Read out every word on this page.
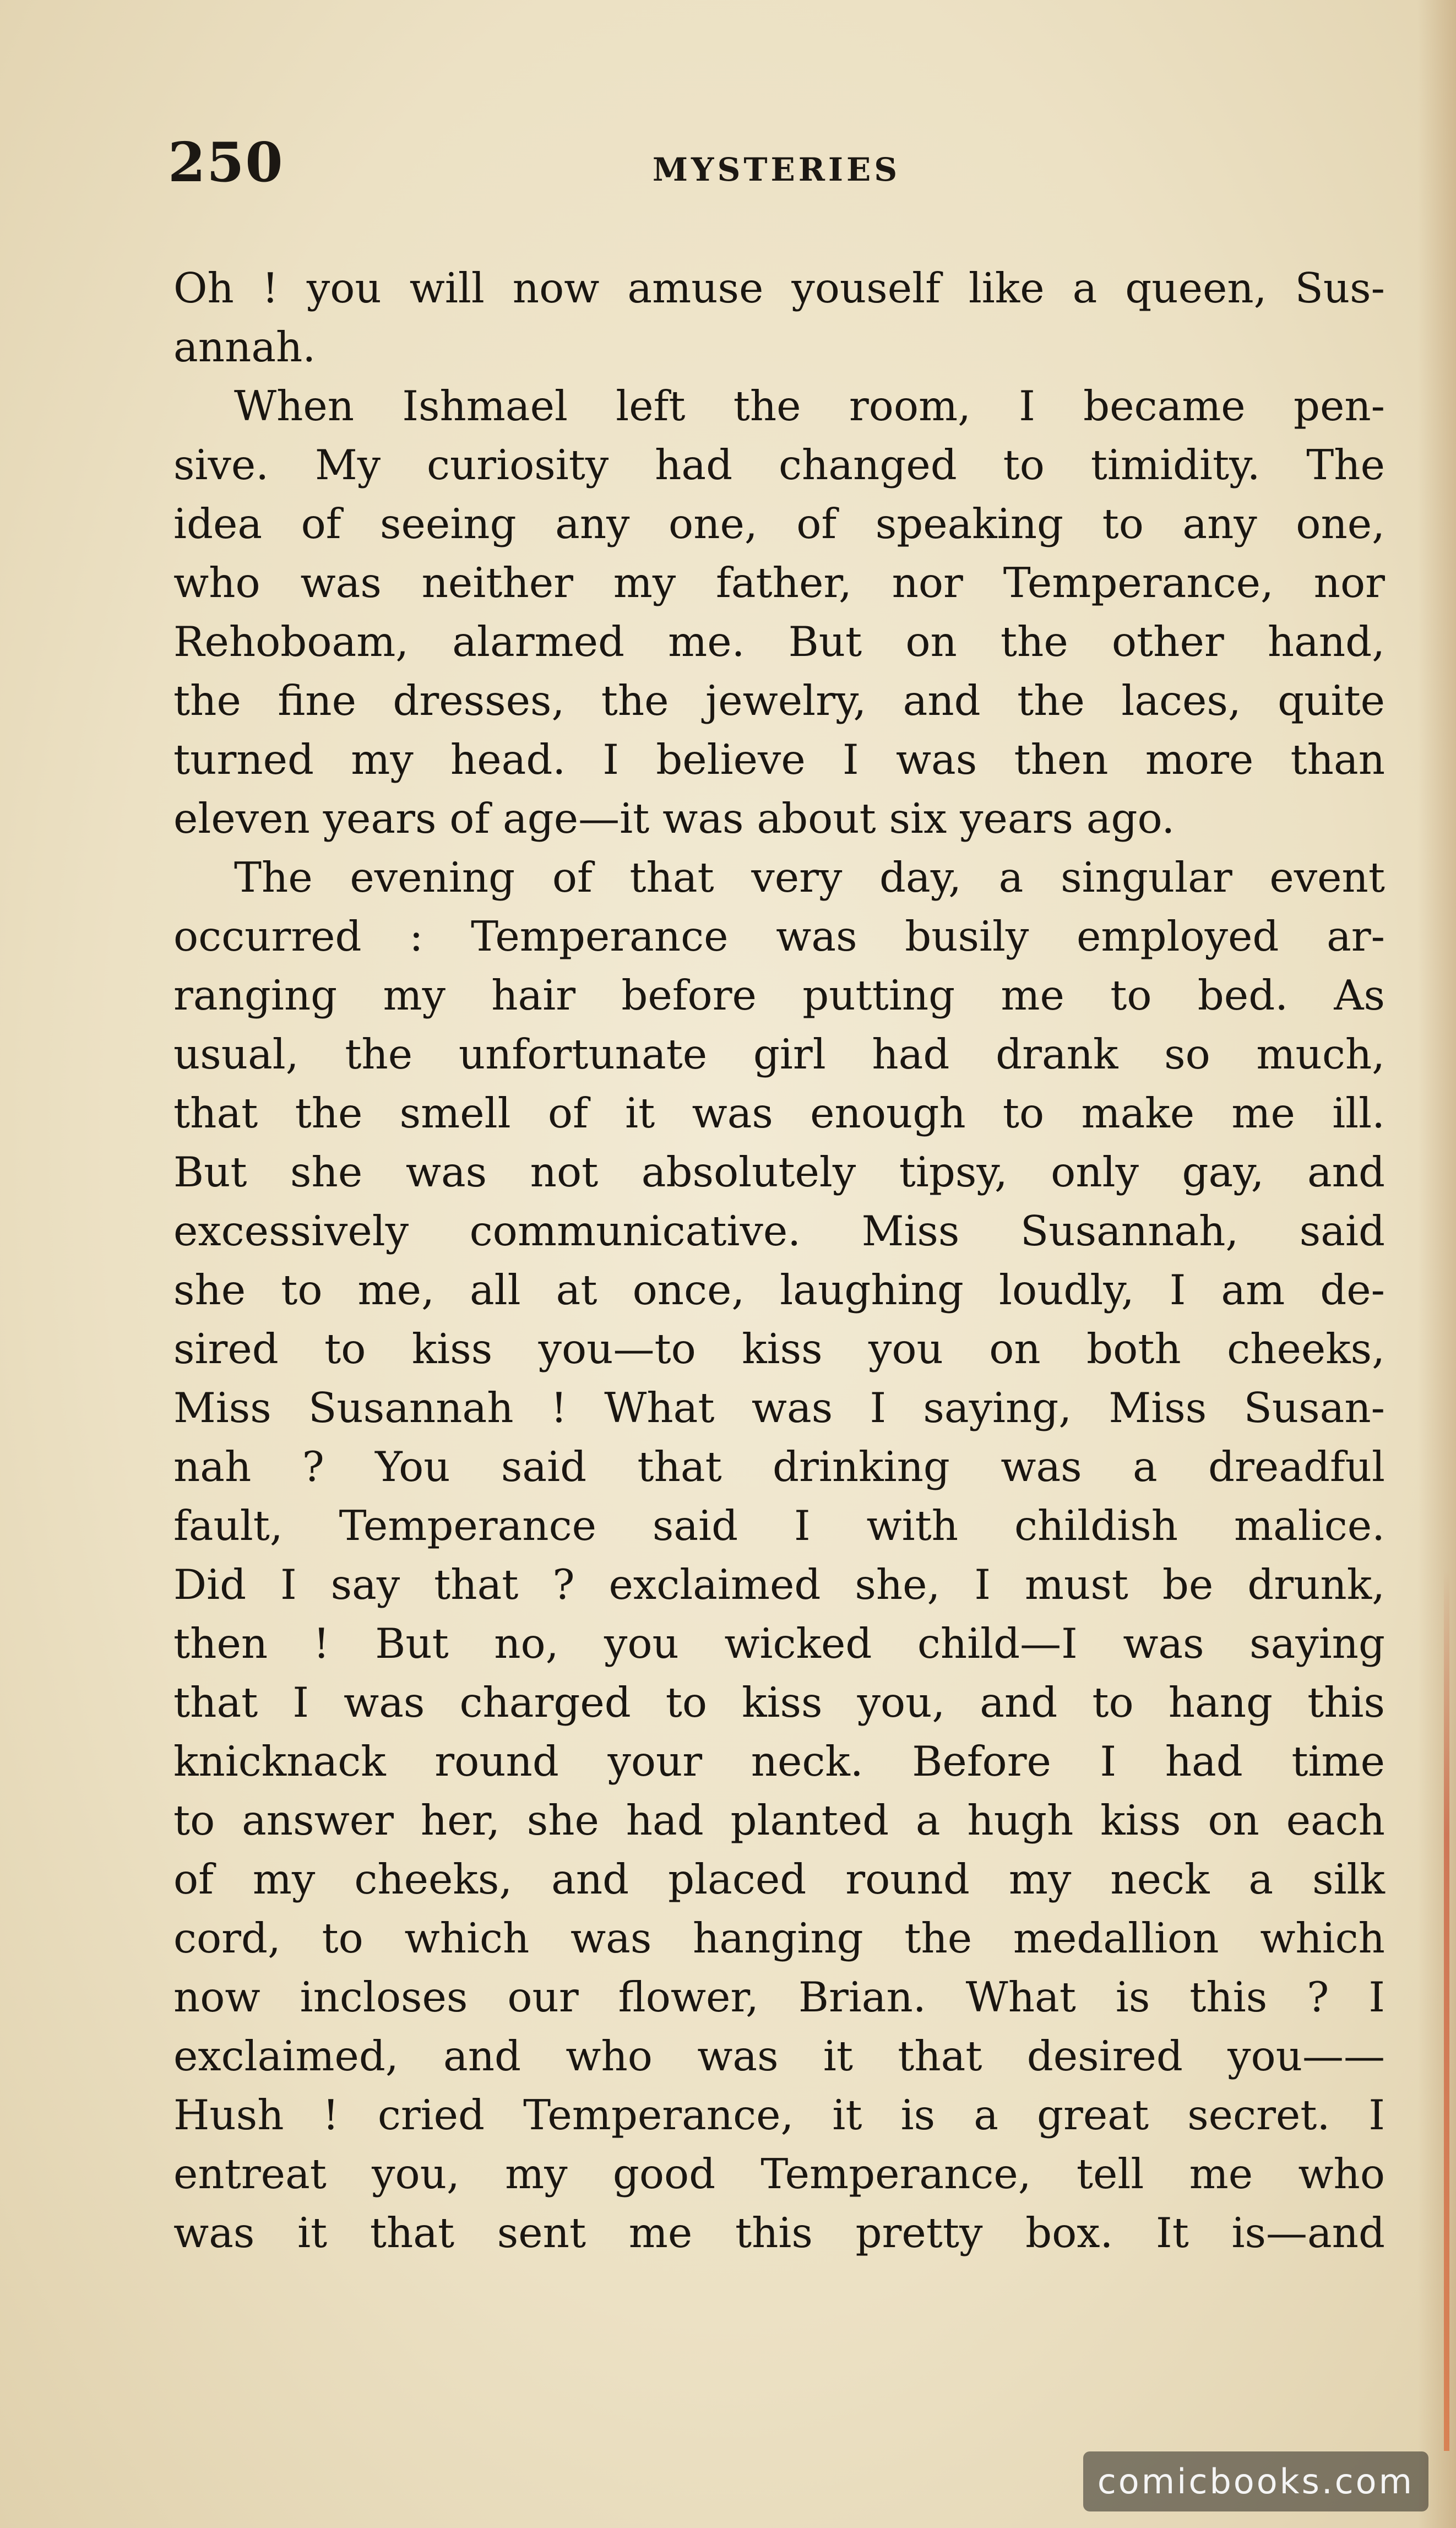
250	MYSTERIES
Oh ! you will now amuse youself like a queen, Sus-
annah.
When Ishmael left the room, I became pen-
sive. My curiosity had changed to timidity. The
idea of seeing any one, of speaking to any one,
who was neither my father, nor Temperance, nor
Rehoboam, alarmed me. But on the other hand,
the fine dresses, the jewelry, and the laces, quite
turned my head. I believe I was then more than
eleven years of age—it was about six years ago.
The evening of that very day, a singular event
occurred : Temperance was busily employed ar-
ranging my hair before putting me to bed. As
usual, the unfortunate girl had drank so much,
that the smell of it was enough to make me ill.
But she was not absolutely tipsy, only gay, and
excessively communicative. Miss Susannah, said
she to me, all at once, laughing loudly, I am de-
sired to kiss you—to kiss you on both cheeks,
Miss Susannah ! What was I saying, Miss Susan-
nah ? You said that drinking was a dreadful
fault, Temperance said I with childish malice.
Did I say that ? exclaimed she, I must be drunk,
then ! But no, you wicked child—I was saying
that I was charged to kiss you, and to hang this
knicknack round your neck. Before I had time
to answer her, she had planted a hugh kiss on each
of my cheeks, and placed round my neck a silk
cord, to which was hanging the medallion which
now incloses our flower, Brian. What is this ? I
exclaimed, and who was it that desired you——
Hush ! cried Temperance, it is a great secret. I
entreat you, my good Temperance, tell me who
was it that sent me this pretty box. It is—and
comicbooks.com
